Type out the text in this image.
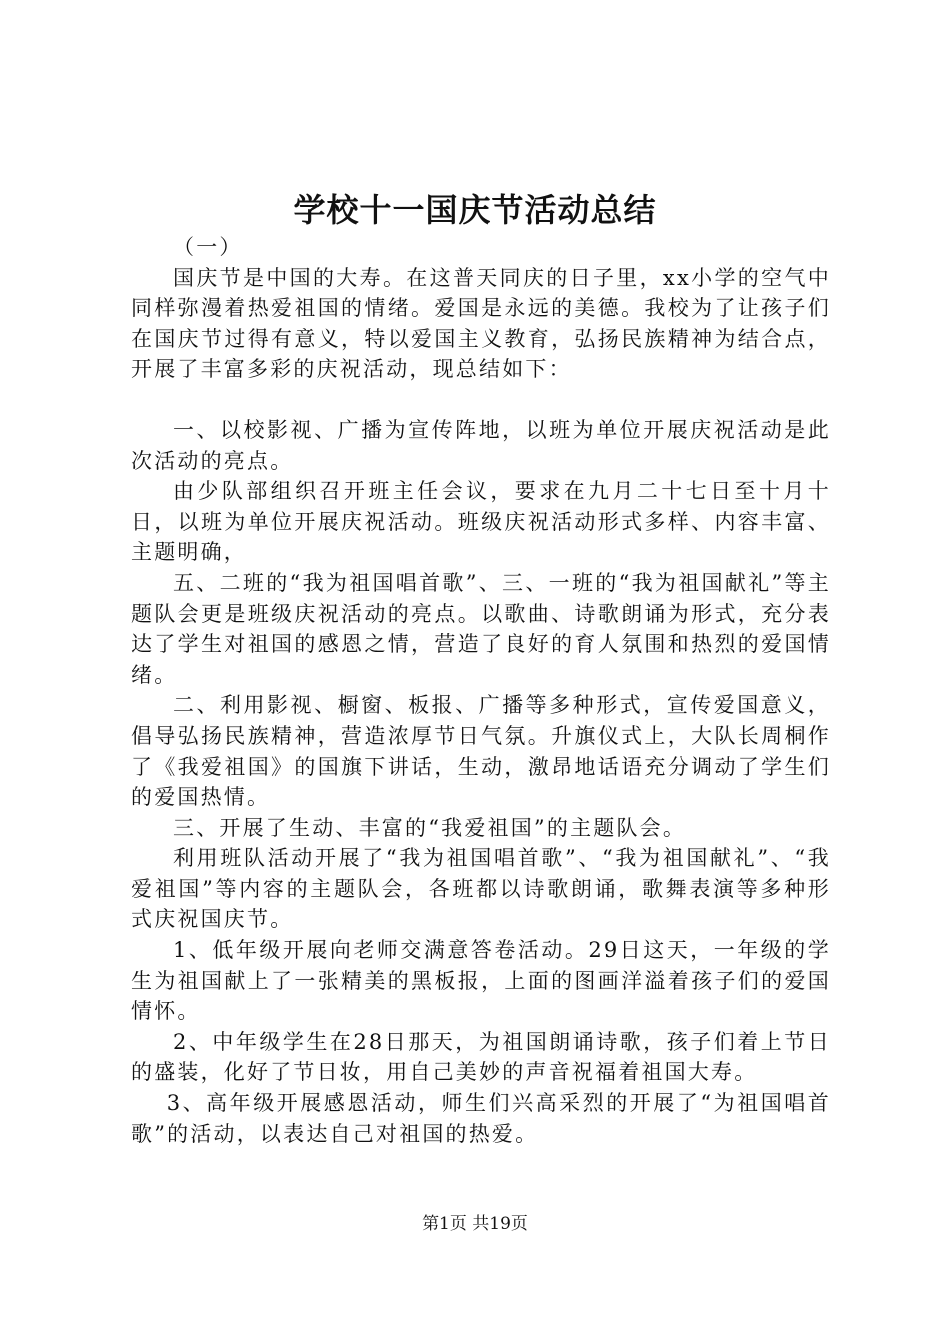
学校十一国庆节活动总结

（一）

国庆节是中国的大寿。在这普天同庆的日子里，xx小学的空气中同样弥漫着热爱祖国的情绪。爱国是永远的美德。我校为了让孩子们在国庆节过得有意义，特以爱国主义教育，弘扬民族精神为结合点，开展了丰富多彩的庆祝活动，现总结如下：

一、以校影视、广播为宣传阵地，以班为单位开展庆祝活动是此次活动的亮点。

由少队部组织召开班主任会议，要求在九月二十七日至十月十日，以班为单位开展庆祝活动。班级庆祝活动形式多样、内容丰富、主题明确，

五、二班的“我为祖国唱首歌”、三、一班的“我为祖国献礼”等主题队会更是班级庆祝活动的亮点。以歌曲、诗歌朗诵为形式，充分表达了学生对祖国的感恩之情，营造了良好的育人氛围和热烈的爱国情绪。

二、利用影视、橱窗、板报、广播等多种形式，宣传爱国意义，倡导弘扬民族精神，营造浓厚节日气氛。升旗仪式上，大队长周桐作了《我爱祖国》的国旗下讲话，生动，激昂地话语充分调动了学生们的爱国热情。

三、开展了生动、丰富的“我爱祖国”的主题队会。

利用班队活动开展了“我为祖国唱首歌”、“我为祖国献礼”、“我爱祖国”等内容的主题队会，各班都以诗歌朗诵，歌舞表演等多种形式庆祝国庆节。

1、低年级开展向老师交满意答卷活动。29日这天，一年级的学生为祖国献上了一张精美的黑板报，上面的图画洋溢着孩子们的爱国情怀。

2、中年级学生在28日那天，为祖国朗诵诗歌，孩子们着上节日的盛装，化好了节日妆，用自己美妙的声音祝福着祖国大寿。

3、高年级开展感恩活动，师生们兴高采烈的开展了“为祖国唱首歌”的活动，以表达自己对祖国的热爱。

第1页 共19页
